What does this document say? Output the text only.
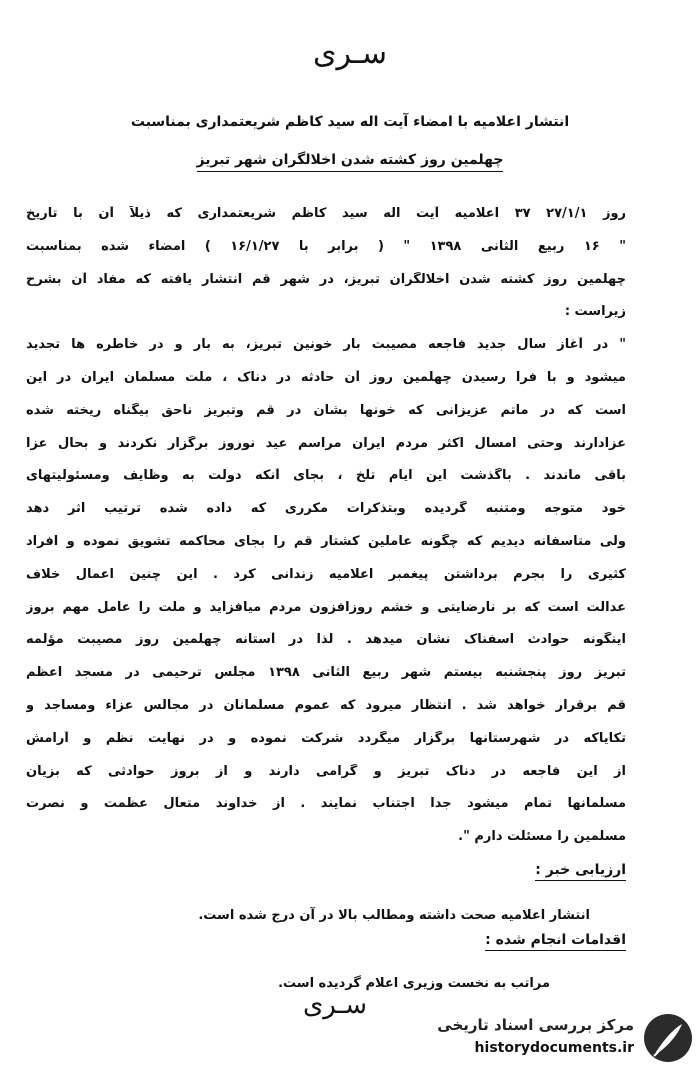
سـری
انتشار اعلامیه با امضاء آیت اله سید کاظم شریعتمداری بمناسبت
چهلمین روز کشته شدن اخلالگران شهر تبریز
روز ۲۷/۱/۱ ۳۷ اعلامیه آیت اله سید کاظم شریعتمداری که ذیلاً آن با تاریخ
" ۱۶ ربیع الثانی ۱۳۹۸ " ( برابر با ۱۶/۱/۲۷ ) امضاء شده بمناسبت
چهلمین روز کشته شدن اخلالگران تبریز، در شهر قم انتشار یافته که مفاد آن بشرح
زیراست :
" در آغاز سال جدید فاجعه مصیبت بار خونین تبریز، به بار و در خاطره ها تجدید
میشود و با فرا رسیدن چهلمین روز آن حادثه در دناک ، ملت مسلمان ایران در این
است که در ماتم عزیزانی که خونها بشان در قم وتبریز ناحق بیگناه ریخته شده
عزادارند وحتی امسال اکثر مردم ایران مراسم عید نوروز برگزار نکردند و بحال عزا
باقی ماندند . باگذشت این ایام تلخ ، بجای آنکه دولت به وظایف ومسئولیتهای
خود متوجه ومتنبه گردیده وبتذکرات مکرری که داده شده ترتیب اثر دهد
ولی متاسفانه دیدیم که چگونه عاملین کشتار قم را بجای محاکمه تشویق نموده و افراد
کثیری را بجرم برداشتن پیغمبر اعلامیه زندانی کرد . این چنین اعمال خلاف
عدالت است که بر نارضایتی و خشم روزافزون مردم میافزاید و ملت را عامل مهم بروز
اینگونه حوادث اسفناک نشان میدهد . لذا در آستانه چهلمین روز مصیبت مؤلمه
تبریز روز پنجشنبه بیستم شهر ربیع الثانی ۱۳۹۸ مجلس ترحیمی در مسجد اعظم
قم برقرار خواهد شد . انتظار میرود که عموم مسلمانان در مجالس عزاء ومساجد و
تکایاکه در شهرستانها برگزار میگردد شرکت نموده و در نهایت نظم و آرامش
از این فاجعه در دناک تبریز و گرامی دارند و از بروز حوادثی که بزیان
مسلمانها تمام میشود جداً اجتناب نمایند . از خداوند متعال عظمت و نصرت
مسلمین را مسئلت دارم ".
ارزیابی خبر :
انتشار اعلامیه صحت داشته ومطالب بالا در آن درج شده است.
اقدامات انجام شده :
مراتب به نخست وزیری اعلام گردیده است.
سـری
مرکز بررسی اسناد تاریخی
historydocuments.ir
